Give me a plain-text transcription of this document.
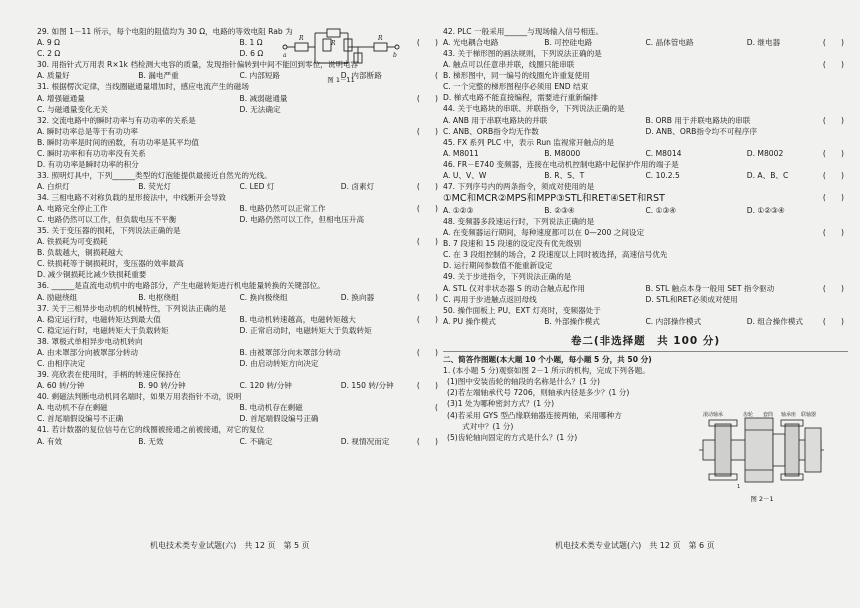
29. 如图 1－11 所示，每个电阻的阻值均为 30 Ω，电路的等效电阻 Rab 为
(　　)
A. 9 Ω	B. 1 Ω
C. 2 Ω	D. 6 Ω
30. 用指针式万用表 R×1k 档检测大电容的质量，发现指针偏转到中间不能回到零位，说明电容
(
A. 质量好	B. 漏电严重	C. 内部短路	D. 内部断路
31. 根据楞次定律，当线圈磁通量增加时，感应电流产生的磁场
(　　)
A. 增强磁通量	B. 减弱磁通量
C. 与磁通量变化无关	D. 无法确定
32. 交流电路中的瞬时功率与有功功率的关系是
(　　)
A. 瞬时功率总是等于有功功率
B. 瞬时功率是时间的函数，有功功率是其平均值
C. 瞬时功率和有功功率没有关系
D. 有功功率是瞬时功率的积分
33. 照明灯具中，下列______类型的灯泡能提供最接近自然光的光线。
(　　)
A. 白炽灯	B. 荧光灯	C. LED 灯	D. 卤素灯
34. 三相电路不对称负载的星形接法中，中线断开会导致
(　　)
A. 电路完全停止工作	B. 电路仍然可以正常工作
C. 电路仍然可以工作，但负载电压不平衡	D. 电路仍然可以工作，但相电压升高
35. 关于变压器的损耗，下列说法正确的是
(　　)
A. 铁损耗为可变损耗
B. 负载越大，铜损耗越大
C. 铁损耗等于铜损耗时，变压器的效率最高
D. 减少铜损耗比减少铁损耗重要
36. ______是直流电动机中的电路部分，产生电磁转矩进行机电能量转换的关键部位。
(　　)
A. 励磁绕组	B. 电枢绕组	C. 换向极绕组	D. 换向器
37. 关于三相异步电动机的机械特性，下列说法正确的是
(　　)
A. 稳定运行时，电磁转矩达到最大值	B. 电动机转速越高，电磁转矩越大
C. 稳定运行时，电磁转矩大于负载转矩	D. 正常启动时，电磁转矩大于负载转矩
38. 罩极式单相异步电动机转向
(　　)
A. 由未罩部分向被罩部分转动	B. 由被罩部分向未罩部分转动
C. 由相序决定	D. 由启动转矩方向决定
39. 亮欣表在使用时，手柄的转速应保持在
(　　)
A. 60 转/分钟	B. 90 转/分钟	C. 120 转/分钟	D. 150 转/分钟
40. 剩磁法判断电动机同名端时，如果万用表指针不动，说明
(
A. 电动机不存在剩磁	B. 电动机存在剩磁
C. 首尾端假设编号不正确	D. 首尾端假设编号正确
41. 若计数器的复位信号在它的线圈被接通之前被接通，对它的复位
(　　)
A. 有效	B. 无效	C. 不确定	D. 视情况而定
42. PLC 一般采用______与现场输入信号相连。
(　　)
A. 光电耦合电路	B. 可控硅电路	C. 晶体管电路	D. 继电器
43. 关于梯形图的画法规则，下列说法正确的是
(　　)
A. 触点可以任意串并联，线圈只能串联
B. 梯形图中，同一编号的线圈允许重复使用
C. 一个完整的梯形图程序必须用 END 结束
D. 梯式电路不能直接编程，需要进行重新编排
44. 关于电路块的串联、并联指令，下列说法正确的是
(　　)
A. ANB 用于串联电路块的并联	B. ORB 用于并联电路块的串联
C. ANB、ORB指令均无作数	D. ANB、ORB指令均不可程序序
45. FX 系列 PLC 中，表示 Run 监视常开触点的是
(　　)
A. M8011	B. M8000	C. M8014	D. M8002
46. FR－E740 变频器，连接在电动机控制电路中起保护作用的端子是
(　　)
A. U、V、W	B. R、S、T	C. 10.2.5	D. A、B、C
47. 下列序号内的两条指令，须成对使用的是
(　　)
①MC和MCR②MPS和MPP③STL和RET④SET和RST
A. ①②③	B. ②③④	C. ①③④	D. ①②③④
48. 变频器多段速运行时，下列说法正确的是
(　　)
A. 在变频器运行期间，每种速度都可以在 0—200 之间设定
B. 7 段速和 15 段速的设定没有优先级别
C. 在 3 段组控制的场合，2 段速度以上同时被选择，高速信号优先
D. 运行期间参数值不能重新设定
49. 关于步进指令，下列说法正确的是
(　　)
A. STL 仅对非状态器 S 的动合触点起作用	B. STL 触点本身一般用 SET 指令驱动
C. 再用于步进触点返回母线	D. STL和RET必须成对使用
50. 操作面板上 PU、EXT 灯亮时，变频器处于
(　　)
A. PU 操作模式	B. 外部操作模式	C. 内部操作模式	D. 组合操作模式
卷二(非选择题　共 100 分)
二、简答作图题(本大题 10 个小题，每小题 5 分，共 50 分)
1. (本小题 5 分)观察如图 2－1 所示的机构，完成下列各题。
(1)图中安装齿轮的轴段的名称是什么？(1 分)
(2)若左端轴承代号 7206，则轴承内径是多少？(1 分)
(3)1 处为哪种密封方式？(1 分)
(4)若采用 GYS 型凸缘联轴器连接两轴，采用哪种方
　　式对中？(1 分)
(5)齿轮轴向固定的方式是什么？(1 分)
a	b
R
R
R
图 1－11
滚动轴承	齿轮 套筒 轴承座 联轴器
1
图 2－1
机电技术类专业试题(六)　共 12 页　第 5 页	机电技术类专业试题(六)　共 12 页　第 6 页
